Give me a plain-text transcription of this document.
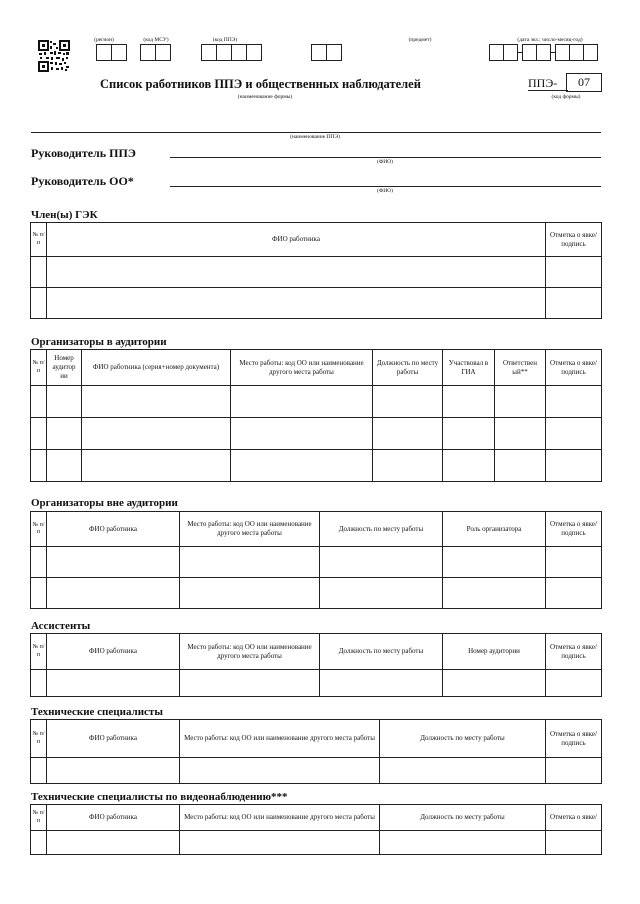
(регион)	(код МСУ)	(код ППЭ)	(предмет)	(дата экз.: число-месяц-год)
Список работников ППЭ и общественных наблюдателей
(наименование формы)
ППЭ-	07
(код формы)
(наименование ППЭ)
Руководитель ППЭ
(ФИО)
Руководитель ОО*
(ФИО)
Член(ы) ГЭК
№ п/п	ФИО работника	Отметка о явке/ подпись

Организаторы в аудитории
№ п/п	Номер аудитор ии	ФИО работника (серия+номер документа)	Место работы: код ОО или наименование другого места работы	Должность по месту работы	Участвовал в ГИА	Ответствен ый**	Отметка о явке/ подпись

Организаторы вне аудитории
№ п/п	ФИО работника	Место работы: код ОО или наименование другого места работы	Должность по месту работы	Роль организатора	Отметка о явке/ подпись

Ассистенты
№ п/п	ФИО работника	Место работы: код ОО или наименование другого места работы	Должность по месту работы	Номер аудитории	Отметка о явке/ подпись

Технические специалисты
№ п/п	ФИО работника	Место работы: код ОО или наименование другого места работы	Должность по месту работы	Отметка о явке/ подпись

Технические специалисты по видеонаблюдению***
№ п/п	ФИО работника	Место работы: код ОО или наименование другого места работы	Должность по месту работы	Отметка о явке/
